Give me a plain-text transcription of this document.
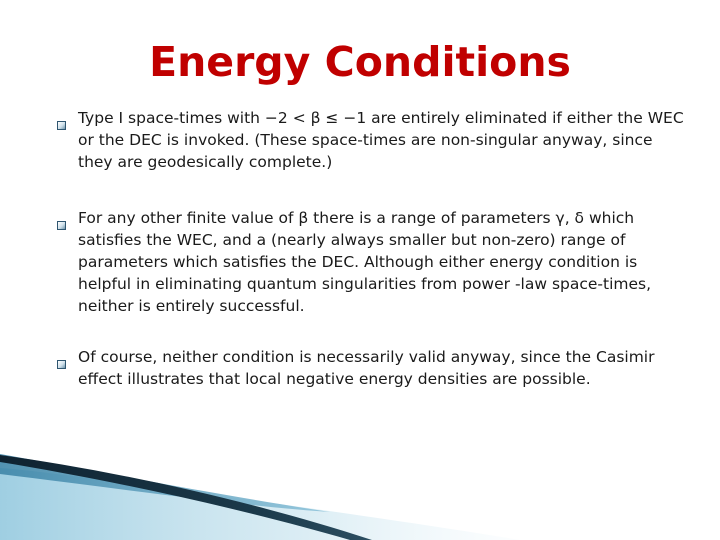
Energy Conditions
Type I space-times with −2 < β ≤ −1 are entirely eliminated if either the WEC or the DEC is invoked. (These space-times are non-singular anyway, since they are geodesically complete.)
For any other finite value of β there is a range of parameters γ, δ which satisfies the WEC, and a (nearly always smaller but non-zero) range of parameters which satisfies the DEC. Although either energy condition is helpful in eliminating quantum singularities from power -law space-times, neither is entirely successful.
Of course, neither condition is necessarily valid anyway, since the Casimir effect illustrates that local negative energy densities are possible.
